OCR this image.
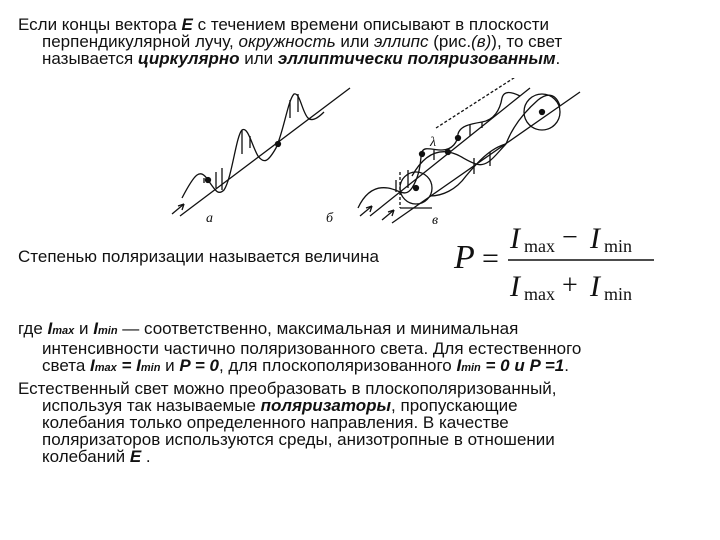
Если концы вектора Е с течением времени описывают в плоскости
перпендикулярной лучу, окружность или эллипс (рис.(в)), то свет
называется циркулярно или эллиптически поляризованным.
а	б	в
λ
Степенью поляризации называется величина P =
I max − I min
I max + I min
где Imax и Imin — соответственно, максимальная и минимальная
интенсивности частично поляризованного света. Для естественного
света Imax = Imin и P = 0, для плоскополяризованного Imin = 0 и P =1.
Естественный свет можно преобразовать в плоскополяризованный,
используя так называемые поляризаторы, пропускающие
колебания только определенного направления. В качестве
поляризаторов используются среды, анизотропные в отношении
колебаний Е .
